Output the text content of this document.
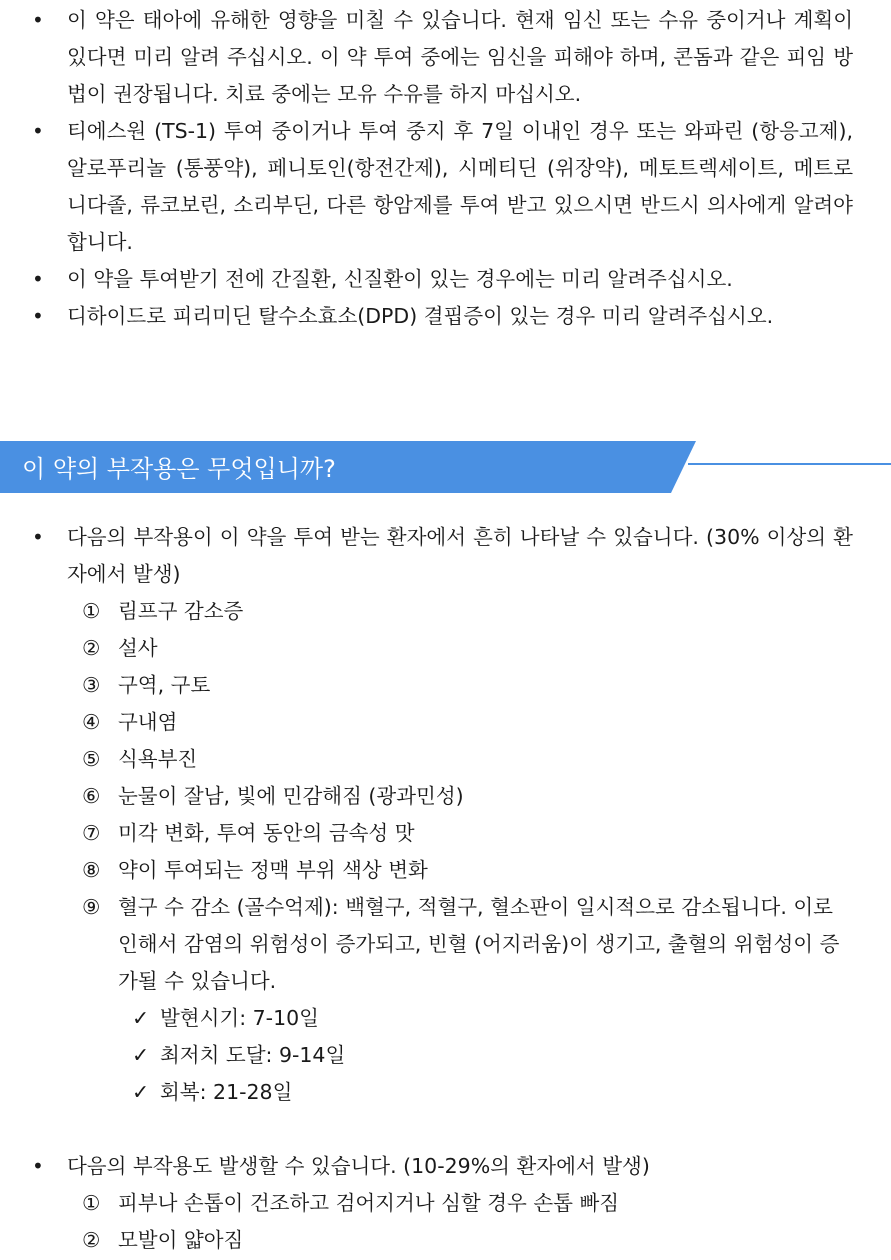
• 이 약은 태아에 유해한 영향을 미칠 수 있습니다. 현재 임신 또는 수유 중이거나 계획이 있다면 미리 알려 주십시오. 이 약 투여 중에는 임신을 피해야 하며, 콘돔과 같은 피임 방법이 권장됩니다. 치료 중에는 모유 수유를 하지 마십시오.
• 티에스원 (TS-1) 투여 중이거나 투여 중지 후 7일 이내인 경우 또는 와파린 (항응고제), 알로푸리놀 (통풍약), 페니토인(항전간제), 시메티딘 (위장약), 메토트렉세이트, 메트로니다졸, 류코보린, 소리부딘, 다른 항암제를 투여 받고 있으시면 반드시 의사에게 알려야 합니다.
• 이 약을 투여받기 전에 간질환, 신질환이 있는 경우에는 미리 알려주십시오.
• 디하이드로 피리미딘 탈수소효소(DPD) 결핍증이 있는 경우 미리 알려주십시오.
이 약의 부작용은 무엇입니까?
• 다음의 부작용이 이 약을 투여 받는 환자에서 흔히 나타날 수 있습니다. (30% 이상의 환자에서 발생)
① 림프구 감소증
② 설사
③ 구역, 구토
④ 구내염
⑤ 식욕부진
⑥ 눈물이 잘남, 빛에 민감해짐 (광과민성)
⑦ 미각 변화, 투여 동안의 금속성 맛
⑧ 약이 투여되는 정맥 부위 색상 변화
⑨ 혈구 수 감소 (골수억제): 백혈구, 적혈구, 혈소판이 일시적으로 감소됩니다. 이로 인해서 감염의 위험성이 증가되고, 빈혈 (어지러움)이 생기고, 출혈의 위험성이 증가될 수 있습니다.
✓ 발현시기: 7-10일
✓ 최저치 도달: 9-14일
✓ 회복: 21-28일
• 다음의 부작용도 발생할 수 있습니다. (10-29%의 환자에서 발생)
① 피부나 손톱이 건조하고 검어지거나 심할 경우 손톱 빠짐
② 모발이 얇아짐
